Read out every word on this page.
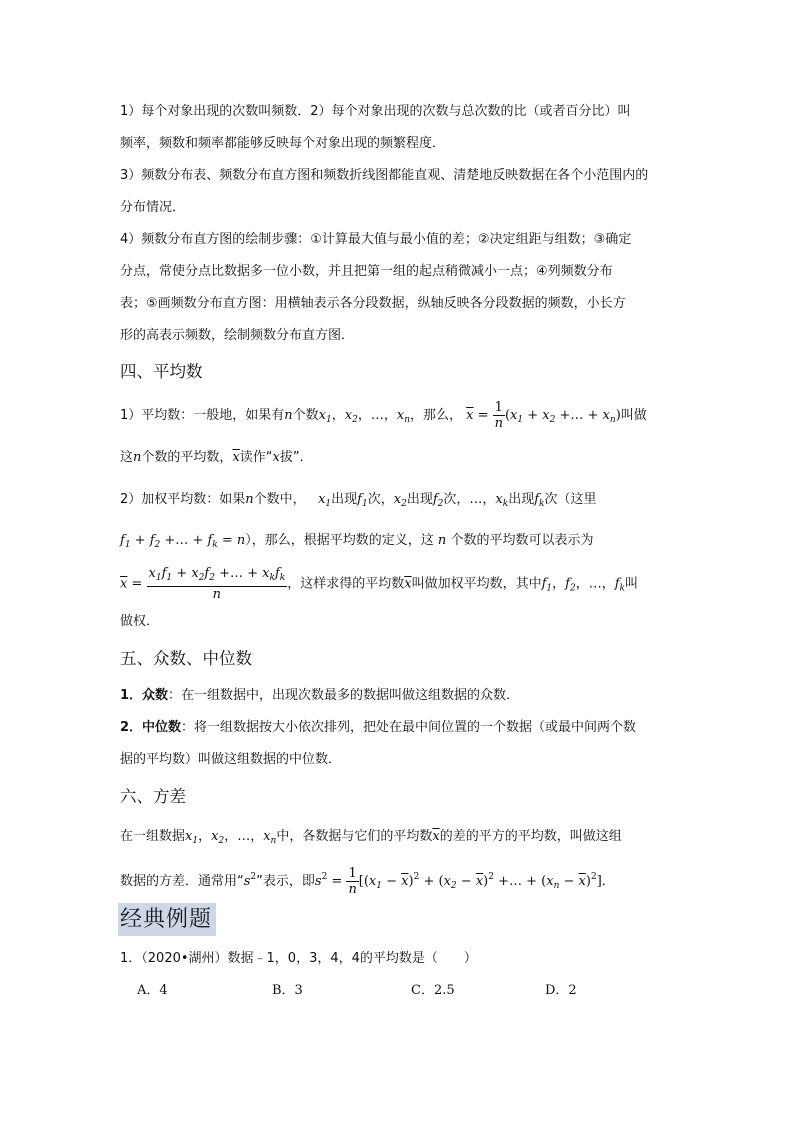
1）每个对象出现的次数叫频数．2）每个对象出现的次数与总次数的比（或者百分比）叫
频率，频数和频率都能够反映每个对象出现的频繁程度．
3）频数分布表、频数分布直方图和频数折线图都能直观、清楚地反映数据在各个小范围内的
分布情况．
4）频数分布直方图的绘制步骤：①计算最大值与最小值的差；②决定组距与组数；③确定
分点，常使分点比数据多一位小数，并且把第一组的起点稍微减小一点；④列频数分布
表；⑤画频数分布直方图：用横轴表示各分段数据，纵轴反映各分段数据的频数，小长方
形的高表示频数，绘制频数分布直方图．
四、平均数
1）平均数：一般地，如果有n个数$x_1$，$x_2$，…，$x_n$，那么， $\overline{x} = \frac{1}{n} (x_1 + x_2$ +… + $x_n$)叫做
这n个数的平均数，$\overline{x}$读作“x拔”．
2）加权平均数：如果n个数中， $x_1$出现$f_1$次，$x_2$出现$f_2$次，…，$x_k$出现$f_k$次（这里
$f_1 + f_2$ +… + $f_k = n$），那么，根据平均数的定义，这 n 个数的平均数可以表示为
$\overline{x} = \frac{x_1f_1 + x_2f_2 +\dots + x_kf_k}{n}$ ，这样求得的平均数$\overline{x}$叫做加权平均数，其中$f_1$，$f_2$，…，$f_k$叫
做权．
五、众数、中位数
1．众数：在一组数据中，出现次数最多的数据叫做这组数据的众数．
2．中位数：将一组数据按大小依次排列，把处在最中间位置的一个数据（或最中间两个数
据的平均数）叫做这组数据的中位数．
六、方差
在一组数据$x_1$，$x_2$，…，$x_n$中，各数据与它们的平均数$\overline{x}$的差的平方的平均数，叫做这组
数据的方差．通常用“$s^2$”表示，即$s^2 = \frac{1}{n} [(x_1 - \overline{x})^2 + (x_2 - \overline{x})^2$ +… + $(x_n - \overline{x})^2$]．
经典例题
1．（2020•湖州）数据﹣1，0，3，4，4的平均数是（　　）
A．4	B．3	C．2.5	D．2
